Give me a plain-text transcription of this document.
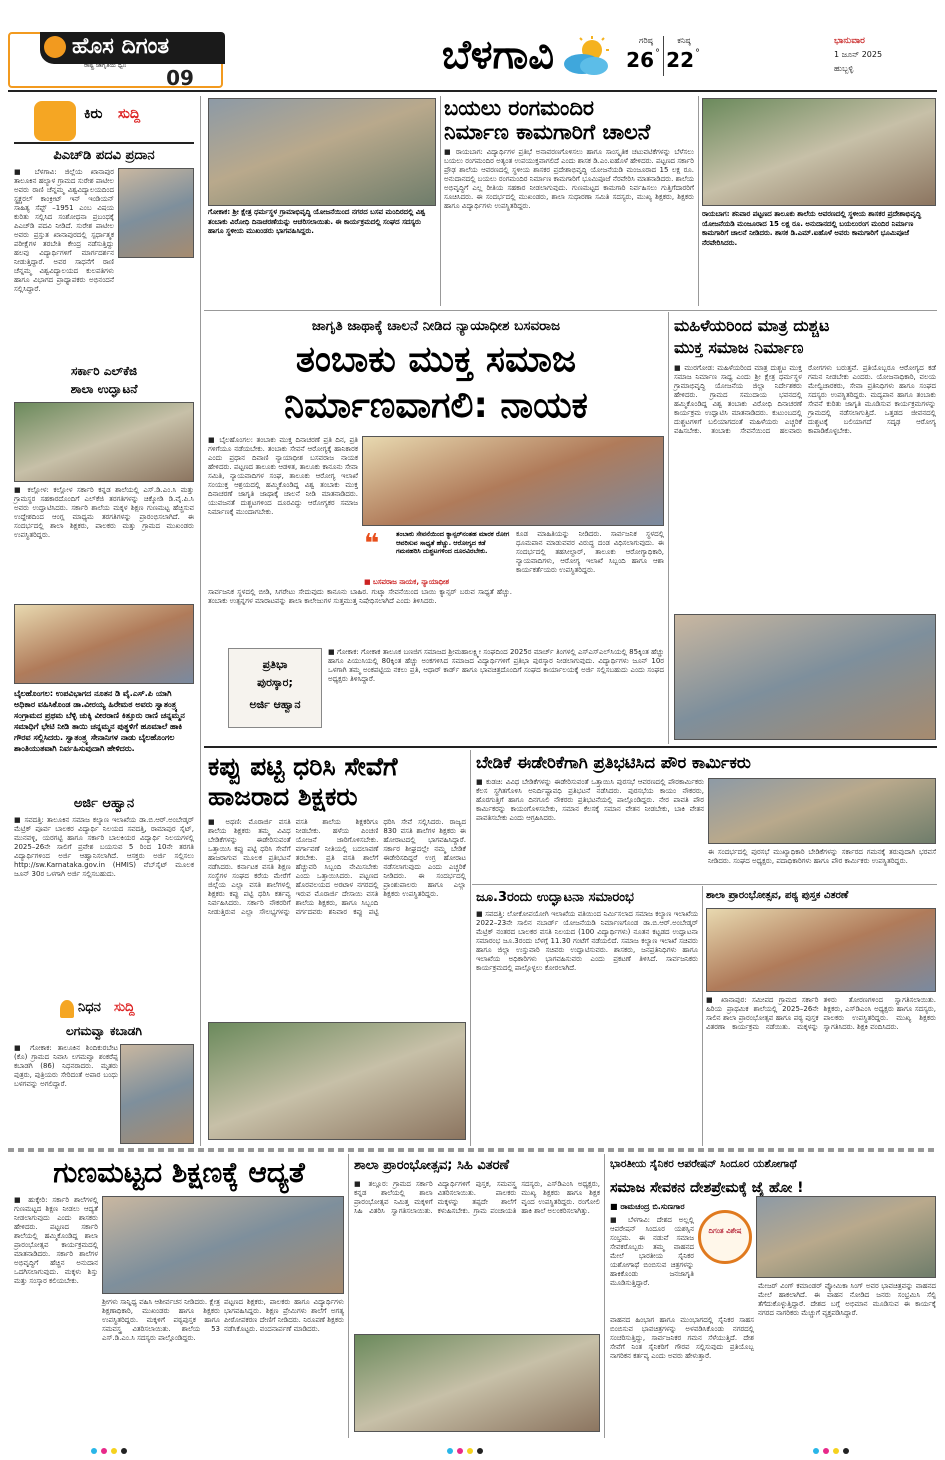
ಹೊಸ ದಿಗಂತ
ರಾಷ್ಟ್ರ ಜಾಗೃತಿಯ ಧ್ವನಿ
09	ಬೆಳಗಾವಿ	ಗರಿಷ್ಠ
26 °
ಕನಿಷ್ಠ
22 °
ಭಾನುವಾರ
1 ಜೂನ್ 2025
ಹುಬ್ಬಳ್ಳಿ
ಕಿರು	ಸುದ್ದಿ
ಪಿಎಚ್‌ಡಿ ಪದವಿ ಪ್ರದಾನ
■ ಬೆಳಗಾವಿ: ಜಿಲ್ಲೆಯ ಖಾನಾಪುರ ತಾಲೂಕಿನ ಹಲ್ಯಾಳ ಗ್ರಾಮದ ಸುರೇಶ ಪಾಟೀಲ ಅವರು ರಾಣಿ ಚೆನ್ನಮ್ಮ ವಿಶ್ವವಿದ್ಯಾಲಯದಿಂದ ಸ್ಟ್ರಕ್ಚರಲ್ ಕಾಂಕ್ರೀಟ್ ಇನ್ ಇಂಡಿಯನ್ ಸಾಹಿತ್ಯ ಸೆಪ್ಟ್ –1951 ಎಂಬ ವಿಷಯ ಕುರಿತು ಸಲ್ಲಿಸಿದ ಸಂಶೋಧನಾ ಪ್ರಬಂಧಕ್ಕೆ ಪಿಎಚ್‌ಡಿ ಪದವಿ ನೀಡಿದೆ. ಸುರೇಶ ಪಾಟೀಲ ಅವರು ಪ್ರಸ್ತುತ ಖಾನಾಪುರದಲ್ಲಿ ಸ್ಪರ್ಧಾತ್ಮಕ ಪರೀಕ್ಷೆಗಳ ತರಬೇತಿ ಕೇಂದ್ರ ನಡೆಸುತ್ತಿದ್ದು ಹಲವು ವಿದ್ಯಾರ್ಥಿಗಳಿಗೆ ಮಾರ್ಗದರ್ಶನ ನೀಡುತ್ತಿದ್ದಾರೆ. ಅವರ ಸಾಧನೆಗೆ ರಾಣಿ ಚೆನ್ನಮ್ಮ ವಿಶ್ವವಿದ್ಯಾಲಯದ ಕುಲಪತಿಗಳು ಹಾಗೂ ವಿಭಾಗದ ಪ್ರಾಧ್ಯಾಪಕರು ಅಭಿನಂದನೆ ಸಲ್ಲಿಸಿದ್ದಾರೆ.
ಸರ್ಕಾರಿ ಎಲ್‌ಕೆಜಿ
ಶಾಲಾ ಉದ್ಘಾಟನೆ
■ ಕಲ್ಲೋಳ: ಕಲ್ಲೋಳ ಸರ್ಕಾರಿ ಕನ್ನಡ ಶಾಲೆಯಲ್ಲಿ ಎಸ್.ಡಿ.ಎಂ.ಸಿ ಮತ್ತು ಗ್ರಾಮಸ್ಥರ ಸಹಕಾರದೊಂದಿಗೆ ಎಲ್‌ಕೆಜಿ ತರಗತಿಗಳನ್ನು ಚಿಕ್ಕೋಡಿ ಡಿ.ವೈ.ಪಿ.ಸಿ ಅವರು ಉದ್ಘಾಟಿಸಿದರು. ಸರ್ಕಾರಿ ಶಾಲೆಯ ಮಕ್ಕಳ ಶಿಕ್ಷಣ ಗುಣಮಟ್ಟ ಹೆಚ್ಚಿಸುವ ಉದ್ದೇಶದಿಂದ ಆಂಗ್ಲ ಮಾಧ್ಯಮ ತರಗತಿಗಳನ್ನು ಪ್ರಾರಂಭಿಸಲಾಗಿದೆ. ಈ ಸಂದರ್ಭದಲ್ಲಿ ಶಾಲಾ ಶಿಕ್ಷಕರು, ಪಾಲಕರು ಮತ್ತು ಗ್ರಾಮದ ಮುಖಂಡರು ಉಪಸ್ಥಿತರಿದ್ದರು.
ಬೈಲಹೊಂಗಲ: ಉಪವಿಭಾಗದ ನೂತನ ಡಿ ವೈ.ಎಸ್.ಪಿ ಯಾಗಿ ಅಧಿಕಾರ ವಹಿಸಿಕೊಂಡ ಡಾ.ವೀರಯ್ಯ ಹಿರೇಮಠ ಅವರು ಸ್ವಾತಂತ್ರ್ಯ ಸಂಗ್ರಾಮದ ಪ್ರಥಮ ಬೆಳ್ಳಿ ಚುಕ್ಕಿ ವೀರರಾಣಿ ಕಿತ್ತೂರು ರಾಣಿ ಚನ್ನಮ್ಮನ ಸಮಾಧಿಗೆ ಭೇಟಿ ನೀಡಿ ತಾಯಿ ಚನ್ನಮ್ಮನ ಪುತ್ಥಳಿಗೆ ಹೂಮಾಲೆ ಹಾಕಿ ಗೌರವ ಸಲ್ಲಿಸಿದರು. ಸ್ವಾತಂತ್ರ್ಯ ಸೇನಾನಿಗಳ ನಾಡು ಬೈಲಹೊಂಗಲ ಶಾಂತಿಯುತವಾಗಿ ನಿರ್ವಹಿಸುವುದಾಗಿ ಹೇಳಿದರು.
ಅರ್ಜಿ ಆಹ್ವಾನ
■ ಸವದತ್ತಿ: ತಾಲೂಕಿನ ಸಮಾಜ ಕಲ್ಯಾಣ ಇಲಾಖೆಯ ಡಾ.ಬಿ.ಆರ್.ಅಂಬೇಡ್ಕರ್ ಮೆಟ್ರಿಕ್ ಪೂರ್ವ ಬಾಲಕರ ವಿದ್ಯಾರ್ಥಿ ನಿಲಯದ ಸವದತ್ತಿ, ರಾಮಾಪುರ ಸೈಟ್, ಮುನವಳ್ಳಿ, ಯರಗಟ್ಟಿ ಹಾಗೂ ಸರ್ಕಾರಿ ಬಾಲಕಿಯರ ವಿದ್ಯಾರ್ಥಿ ನಿಲಯಗಳಲ್ಲಿ 2025–26ನೇ ಸಾಲಿಗೆ ಪ್ರವೇಶ ಬಯಸುವ 5 ರಿಂದ 10ನೇ ತರಗತಿ ವಿದ್ಯಾರ್ಥಿಗಳಿಂದ ಅರ್ಜಿ ಆಹ್ವಾನಿಸಲಾಗಿದೆ. ಆಸಕ್ತರು ಅರ್ಜಿ ಸಲ್ಲಿಸಲು http://sw.Karnataka.gov.in (HMIS) ವೆಬ್‌ಸೈಟ್ ಮೂಲಕ ಜೂನ್ 30ರ ಒಳಗಾಗಿ ಅರ್ಜಿ ಸಲ್ಲಿಸಬಹುದು.
ನಿಧನ	ಸುದ್ದಿ
ಲಗಮವ್ವಾ ಕಬಾಡಗಿ
■ ಗೋಕಾಕ: ತಾಲೂಕಿನ ಶಿಂದಿಕುರಬೇಟ (ಕೊ) ಗ್ರಾಮದ ನಿವಾಸಿ ಲಗಮವ್ವಾ ಶಂಕರೆಪ್ಪ ಕಬಾಡಗಿ (86) ನಿಧನರಾದರು. ಮೃತರು ಪುತ್ರರು, ಪುತ್ರಿಯರು ಸೇರಿದಂತೆ ಅಪಾರ ಬಂಧು ಬಳಗವನ್ನು ಅಗಲಿದ್ದಾರೆ.
ಗೋಕಾಕ: ಶ್ರೀ ಕ್ಷೇತ್ರ ಧರ್ಮಸ್ಥಳ ಗ್ರಾಮಾಭಿವೃದ್ಧಿ ಯೋಜನೆಯಿಂದ ನಗರದ ಬಸವ ಮಂದಿರದಲ್ಲಿ ವಿಶ್ವ ತಂಬಾಕು ವಿರೋಧಿ ದಿನಾಚರಣೆಯನ್ನು ಆಚರಿಸಲಾಯಿತು. ಈ ಕಾರ್ಯಕ್ರಮದಲ್ಲಿ ಸಂಘದ ಸದಸ್ಯರು ಹಾಗೂ ಸ್ಥಳೀಯ ಮುಖಂಡರು ಭಾಗವಹಿಸಿದ್ದರು.
ಬಯಲು ರಂಗಮಂದಿರ
ನಿರ್ಮಾಣ ಕಾಮಗಾರಿಗೆ ಚಾಲನೆ
■ ರಾಯಬಾಗ: ವಿದ್ಯಾರ್ಥಿಗಳ ಪ್ರತಿಭೆ ಅನಾವರಣಗೊಳಿಸಲು ಹಾಗೂ ಸಾಂಸ್ಕೃತಿಕ ಚಟುವಟಿಕೆಗಳನ್ನು ಬೆಳೆಸಲು ಬಯಲು ರಂಗಮಂದಿರ ಅತ್ಯಂತ ಉಪಯುಕ್ತವಾಗಲಿದೆ ಎಂದು ಶಾಸಕ ಡಿ.ಎಂ.ಐಹೊಳೆ ಹೇಳಿದರು. ಪಟ್ಟಣದ ಸರ್ಕಾರಿ ಪ್ರೌಢ ಶಾಲೆಯ ಆವರಣದಲ್ಲಿ ಸ್ಥಳೀಯ ಶಾಸಕರ ಪ್ರದೇಶಾಭಿವೃದ್ಧಿ ಯೋಜನೆಯಡಿ ಮಂಜೂರಾದ 15 ಲಕ್ಷ ರೂ. ಅನುದಾನದಲ್ಲಿ ಬಯಲು ರಂಗಮಂದಿರ ನಿರ್ಮಾಣ ಕಾಮಗಾರಿಗೆ ಭೂಮಿಪೂಜೆ ನೆರವೇರಿಸಿ ಮಾತನಾಡಿದರು. ಶಾಲೆಯ ಅಭಿವೃದ್ಧಿಗೆ ಎಲ್ಲ ರೀತಿಯ ಸಹಕಾರ ನೀಡಲಾಗುವುದು. ಗುಣಮಟ್ಟದ ಕಾಮಗಾರಿ ನಿರ್ವಹಿಸಲು ಗುತ್ತಿಗೆದಾರರಿಗೆ ಸೂಚಿಸಿದರು. ಈ ಸಂದರ್ಭದಲ್ಲಿ ಮುಖಂಡರು, ಶಾಲಾ ಸುಧಾರಣಾ ಸಮಿತಿ ಸದಸ್ಯರು, ಮುಖ್ಯ ಶಿಕ್ಷಕರು, ಶಿಕ್ಷಕರು ಹಾಗೂ ವಿದ್ಯಾರ್ಥಿಗಳು ಉಪಸ್ಥಿತರಿದ್ದರು.
ರಾಯಬಾಗ: ಶನಿವಾರ ಪಟ್ಟಣದ ತಾಲೂಕು ಶಾಲೆಯ ಆವರಣದಲ್ಲಿ ಸ್ಥಳೀಯ ಶಾಸಕರ ಪ್ರದೇಶಾಭಿವೃದ್ಧಿ ಯೋಜನೆಯಡಿ ಮಂಜೂರಾದ 15 ಲಕ್ಷ ರೂ. ಅನುದಾನದಲ್ಲಿ ಬಯಲುರಂಗ ಮಂದಿರ ನಿರ್ಮಾಣ ಕಾಮಗಾರಿಗೆ ಚಾಲನೆ ನೀಡಿದರು. ಶಾಸಕ ಡಿ.ಎಮ್.ಐಹೊಳೆ ಅವರು ಕಾಮಗಾರಿಗೆ ಭೂಮಿಪೂಜೆ ನೆರವೇರಿಸಿದರು.
ಜಾಗೃತಿ ಜಾಥಾಕ್ಕೆ ಚಾಲನೆ ನೀಡಿದ ನ್ಯಾಯಾಧೀಶ ಬಸವರಾಜ
ತಂಬಾಕು ಮುಕ್ತ ಸಮಾಜ
ನಿರ್ಮಾಣವಾಗಲಿ: ನಾಯಕ
■ ಬೈಲಹೊಂಗಲ: ತಂಬಾಕು ಮುಕ್ತ ದಿನಾಚರಣೆ ಪ್ರತಿ ದಿನ, ಪ್ರತಿ ಗಳಿಗೆಯೂ ನಡೆಯಬೇಕು. ತಂಬಾಕು ಸೇವನೆ ಆರೋಗ್ಯಕ್ಕೆ ಹಾನಿಕಾರಕ ಎಂದು ಪ್ರಧಾನ ದಿವಾಣಿ ನ್ಯಾಯಾಧೀಶ ಬಸವರಾಜ ನಾಯಕ ಹೇಳಿದರು. ಪಟ್ಟಣದ ತಾಲೂಕು ಆಡಳಿತ, ತಾಲೂಕು ಕಾನೂನು ಸೇವಾ ಸಮಿತಿ, ನ್ಯಾಯವಾದಿಗಳ ಸಂಘ, ತಾಲೂಕು ಆರೋಗ್ಯ ಇಲಾಖೆ ಸಂಯುಕ್ತ ಆಶ್ರಯದಲ್ಲಿ ಹಮ್ಮಿಕೊಂಡಿದ್ದ ವಿಶ್ವ ತಂಬಾಕು ಮುಕ್ತ ದಿನಾಚರಣೆ ಜಾಗೃತಿ ಜಾಥಾಕ್ಕೆ ಚಾಲನೆ ನೀಡಿ ಮಾತನಾಡಿದರು. ಯುವಜನತೆ ದುಶ್ಚಟಗಳಿಂದ ದೂರವಿದ್ದು ಆರೋಗ್ಯಕರ ಸಮಾಜ ನಿರ್ಮಾಣಕ್ಕೆ ಮುಂದಾಗಬೇಕು.
❝	ತಂಬಾಕು ಸೇವನೆಯಿಂದ ಕ್ಯಾನ್ಸರ್‌ನಂತಹ ಮಾರಕ ರೋಗ ಆವರಿಸುವ ಸಾಧ್ಯತೆ ಹೆಚ್ಚು. ಆರೋಗ್ಯದ ಕಡೆ ಗಮನಹರಿಸಿ ದುಶ್ಚಟಗಳಿಂದ ದೂರವಿರಬೇಕು.
■ ಬಸವರಾಜ ನಾಯಕ, ನ್ಯಾಯಾಧೀಶ
ಕೂಡ ಮಾಹಿತಿಯನ್ನು ನೀಡಿದರು. ಸಾರ್ವಜನಿಕ ಸ್ಥಳದಲ್ಲಿ ಧೂಮಪಾನ ಮಾಡುವವರ ವಿರುದ್ಧ ದಂಡ ವಿಧಿಸಲಾಗುವುದು. ಈ ಸಂದರ್ಭದಲ್ಲಿ ತಹಸೀಲ್ದಾರ್, ತಾಲೂಕು ಆರೋಗ್ಯಾಧಿಕಾರಿ, ನ್ಯಾಯವಾದಿಗಳು, ಆರೋಗ್ಯ ಇಲಾಖೆ ಸಿಬ್ಬಂದಿ ಹಾಗೂ ಆಶಾ ಕಾರ್ಯಕರ್ತೆಯರು ಉಪಸ್ಥಿತರಿದ್ದರು.
ಸಾರ್ವಜನಿಕ ಸ್ಥಳದಲ್ಲಿ ಬೀಡಿ, ಸಿಗರೇಟು ಸೇದುವುದು ಕಾನೂನು ಬಾಹಿರ. ಗುಟ್ಕಾ ಸೇವನೆಯಿಂದ ಬಾಯಿ ಕ್ಯಾನ್ಸರ್ ಬರುವ ಸಾಧ್ಯತೆ ಹೆಚ್ಚು. ತಂಬಾಕು ಉತ್ಪನ್ನಗಳ ಮಾರಾಟವನ್ನು ಶಾಲಾ ಕಾಲೇಜುಗಳ ಸುತ್ತಮುತ್ತ ನಿಷೇಧಿಸಲಾಗಿದೆ ಎಂದು ತಿಳಿಸಿದರು.
ಮಹಿಳೆಯರಿಂದ ಮಾತ್ರ ದುಶ್ಚಟ
ಮುಕ್ತ ಸಮಾಜ ನಿರ್ಮಾಣ
■ ಮುರಗೋಡ: ಮಹಿಳೆಯರಿಂದ ಮಾತ್ರ ದುಶ್ಚಟ ಮುಕ್ತ ಸಮಾಜ ನಿರ್ಮಾಣ ಸಾಧ್ಯ ಎಂದು ಶ್ರೀ ಕ್ಷೇತ್ರ ಧರ್ಮಸ್ಥಳ ಗ್ರಾಮಾಭಿವೃದ್ಧಿ ಯೋಜನೆಯ ಜಿಲ್ಲಾ ನಿರ್ದೇಶಕರು ಹೇಳಿದರು. ಗ್ರಾಮದ ಸಮುದಾಯ ಭವನದಲ್ಲಿ ಹಮ್ಮಿಕೊಂಡಿದ್ದ ವಿಶ್ವ ತಂಬಾಕು ವಿರೋಧಿ ದಿನಾಚರಣೆ ಕಾರ್ಯಕ್ರಮ ಉದ್ಘಾಟಿಸಿ ಮಾತನಾಡಿದರು. ಕುಟುಂಬದಲ್ಲಿ ದುಶ್ಚಟಗಳಿಗೆ ಬಲಿಯಾಗದಂತೆ ಮಹಿಳೆಯರು ಎಚ್ಚರಿಕೆ ವಹಿಸಬೇಕು. ತಂಬಾಕು ಸೇವನೆಯಿಂದ ಹಲವಾರು ರೋಗಗಳು ಬರುತ್ತವೆ. ಪ್ರತಿಯೊಬ್ಬರೂ ಆರೋಗ್ಯದ ಕಡೆ ಗಮನ ನೀಡಬೇಕು ಎಂದರು. ಯೋಜನಾಧಿಕಾರಿ, ವಲಯ ಮೇಲ್ವಿಚಾರಕರು, ಸೇವಾ ಪ್ರತಿನಿಧಿಗಳು ಹಾಗೂ ಸಂಘದ ಸದಸ್ಯರು ಉಪಸ್ಥಿತರಿದ್ದರು. ಮದ್ಯಪಾನ ಹಾಗೂ ತಂಬಾಕು ಸೇವನೆ ಕುರಿತು ಜಾಗೃತಿ ಮೂಡಿಸುವ ಕಾರ್ಯಕ್ರಮಗಳನ್ನು ಗ್ರಾಮದಲ್ಲಿ ನಡೆಸಲಾಗುತ್ತಿದೆ. ಒತ್ತಡದ ಜೀವನದಲ್ಲಿ ದುಶ್ಚಟಕ್ಕೆ ಬಲಿಯಾಗದೆ ಸದೃಢ ಆರೋಗ್ಯ ಕಾಪಾಡಿಕೊಳ್ಳಬೇಕು.
ಪ್ರತಿಭಾ
ಪುರಸ್ಕಾರ;
ಅರ್ಜಿ ಆಹ್ವಾನ
■ ಗೋಕಾಕ: ಗೋಕಾಕ ತಾಲೂಕ ಬಣಜಿಗ ಸಮಾಜದ ಶ್ರೀಮಹಾಲಕ್ಷ್ಮೀ ಸಂಘದಿಂದ 2025ರ ಮಾರ್ಚ್ ತಿಂಗಳಲ್ಲಿ ಎಸ್ಎಸ್ಎಲ್‌ಸಿಯಲ್ಲಿ 85ಕ್ಕಿಂತ ಹೆಚ್ಚು ಹಾಗೂ ಪಿಯುಸಿಯಲ್ಲಿ 80ಕ್ಕಿಂತ ಹೆಚ್ಚು ಅಂಕಗಳಿಸಿದ ಸಮಾಜದ ವಿದ್ಯಾರ್ಥಿಗಳಿಗೆ ಪ್ರತಿಭಾ ಪುರಸ್ಕಾರ ನೀಡಲಾಗುವುದು. ವಿದ್ಯಾರ್ಥಿಗಳು ಜೂನ್ 10ರ ಒಳಗಾಗಿ ತಮ್ಮ ಅಂಕಪಟ್ಟಿಯ ನಕಲು ಪ್ರತಿ, ಆಧಾರ್ ಕಾರ್ಡ್ ಹಾಗೂ ಭಾವಚಿತ್ರದೊಂದಿಗೆ ಸಂಘದ ಕಾರ್ಯಾಲಯಕ್ಕೆ ಅರ್ಜಿ ಸಲ್ಲಿಸಬಹುದು ಎಂದು ಸಂಘದ ಅಧ್ಯಕ್ಷರು ತಿಳಿಸಿದ್ದಾರೆ.
ಕಪ್ಪು ಪಟ್ಟಿ ಧರಿಸಿ ಸೇವೆಗೆ
ಹಾಜರಾದ ಶಿಕ್ಷಕರು
■ ಅಥಣಿ: ಮೊರಾರ್ಜಿ ವಸತಿ ಶಾಲೆಯ ಶಿಕ್ಷಕರು ತಮ್ಮ ವಿವಿಧ ಬೇಡಿಕೆಗಳನ್ನು ಈಡೇರಿಸುವಂತೆ ಒತ್ತಾಯಿಸಿ ಕಪ್ಪು ಪಟ್ಟಿ ಧರಿಸಿ ಸೇವೆಗೆ ಹಾಜರಾಗುವ ಮೂಲಕ ಪ್ರತಿಭಟನೆ ನಡೆಸಿದರು. ಕರ್ನಾಟಕ ವಸತಿ ಶಿಕ್ಷಣ ಸಂಸ್ಥೆಗಳ ಸಂಘದ ಕರೆಯ ಮೇರೆಗೆ ಜಿಲ್ಲೆಯ ಎಲ್ಲಾ ವಸತಿ ಶಾಲೆಗಳಲ್ಲಿ ಶಿಕ್ಷಕರು ಕಪ್ಪು ಪಟ್ಟಿ ಧರಿಸಿ ಕರ್ತವ್ಯ ನಿರ್ವಹಿಸಿದರು. ಸರ್ಕಾರಿ ನೌಕರರಿಗೆ ನೀಡುತ್ತಿರುವ ಎಲ್ಲಾ ಸೌಲಭ್ಯಗಳನ್ನು ವಸತಿ ಶಾಲೆಯ ಶಿಕ್ಷಕರಿಗೂ ನೀಡಬೇಕು. ಹಳೆಯ ಪಿಂಚಣಿ ಯೋಜನೆ ಜಾರಿಗೊಳಿಸಬೇಕು. ವರ್ಗಾವಣೆ ನೀತಿಯಲ್ಲಿ ಬದಲಾವಣೆ ತರಬೇಕು. ಪ್ರತಿ ವಸತಿ ಶಾಲೆಗೆ ಹೆಚ್ಚುವರಿ ಸಿಬ್ಬಂದಿ ನೇಮಿಸಬೇಕು ಎಂದು ಒತ್ತಾಯಿಸಿದರು. ಪಟ್ಟಣದ ಹೊರವಲಯದ ಅರಟಾಳ ನಗರದಲ್ಲಿ ಇರುವ ಮೊರಾರ್ಜಿ ದೇಸಾಯಿ ವಸತಿ ಶಾಲೆಯ ಶಿಕ್ಷಕರು, ಹಾಗೂ ಸಿಬ್ಬಂದಿ ವರ್ಗದವರು ಶನಿವಾರ ಕಪ್ಪು ಪಟ್ಟಿ ಧರಿಸಿ ಸೇವೆ ಸಲ್ಲಿಸಿದರು. ರಾಜ್ಯದ 830 ವಸತಿ ಶಾಲೆಗಳ ಶಿಕ್ಷಕರು ಈ ಹೋರಾಟದಲ್ಲಿ ಭಾಗವಹಿಸಿದ್ದಾರೆ. ಸರ್ಕಾರ ಶೀಘ್ರದಲ್ಲೇ ನಮ್ಮ ಬೇಡಿಕೆ ಈಡೇರಿಸದಿದ್ದರೆ ಉಗ್ರ ಹೋರಾಟ ನಡೆಸಲಾಗುವುದು ಎಂದು ಎಚ್ಚರಿಕೆ ನೀಡಿದರು. ಈ ಸಂದರ್ಭದಲ್ಲಿ ಪ್ರಾಂಶುಪಾಲರು ಹಾಗೂ ಎಲ್ಲಾ ಶಿಕ್ಷಕರು ಉಪಸ್ಥಿತರಿದ್ದರು.
ಬೇಡಿಕೆ ಈಡೇರಿಕೆಗಾಗಿ ಪ್ರತಿಭಟಿಸಿದ ಪೌರ ಕಾರ್ಮಿಕರು
■ ಕುಡಚಿ: ವಿವಿಧ ಬೇಡಿಕೆಗಳನ್ನು ಈಡೇರಿಸುವಂತೆ ಒತ್ತಾಯಿಸಿ ಪುರಸಭೆ ಆವರಣದಲ್ಲಿ ಪೌರಕಾರ್ಮಿಕರು ಕೆಲಸ ಸ್ಥಗಿತಗೊಳಿಸಿ ಅನಿರ್ದಿಷ್ಟಾವಧಿ ಪ್ರತಿಭಟನೆ ನಡೆಸಿದರು. ಪುರಸಭೆಯ ಕಾಯಂ ನೌಕರರು, ಹೊರಗುತ್ತಿಗೆ ಹಾಗೂ ದಿನಗೂಲಿ ನೌಕರರು ಪ್ರತಿಭಟನೆಯಲ್ಲಿ ಪಾಲ್ಗೊಂಡಿದ್ದರು. ನೇರ ಪಾವತಿ ಪೌರ ಕಾರ್ಮಿಕರನ್ನು ಕಾಯಂಗೊಳಿಸಬೇಕು, ಸಮಾನ ಕೆಲಸಕ್ಕೆ ಸಮಾನ ವೇತನ ನೀಡಬೇಕು, ಬಾಕಿ ವೇತನ ಪಾವತಿಸಬೇಕು ಎಂದು ಆಗ್ರಹಿಸಿದರು.
ಈ ಸಂದರ್ಭದಲ್ಲಿ ಪುರಸಭೆ ಮುಖ್ಯಾಧಿಕಾರಿ ಬೇಡಿಕೆಗಳನ್ನು ಸರ್ಕಾರದ ಗಮನಕ್ಕೆ ತರುವುದಾಗಿ ಭರವಸೆ ನೀಡಿದರು. ಸಂಘದ ಅಧ್ಯಕ್ಷರು, ಪದಾಧಿಕಾರಿಗಳು ಹಾಗೂ ಪೌರ ಕಾರ್ಮಿಕರು ಉಪಸ್ಥಿತರಿದ್ದರು.
ಜೂ.3ರಂದು ಉದ್ಘಾಟನಾ ಸಮಾರಂಭ
■ ಸವದತ್ತಿ: ಲೋಕೋಪಯೋಗಿ ಇಲಾಖೆಯ ವತಿಯಿಂದ ನಿರ್ಮಿಸಲಾದ ಸಮಾಜ ಕಲ್ಯಾಣ ಇಲಾಖೆಯ 2022–23ನೇ ಸಾಲಿನ ನಬಾರ್ಡ್ ಯೋಜನೆಯಡಿ ನಿರ್ಮಾಣಗೊಂಡ ಡಾ.ಬಿ.ಆರ್.ಅಂಬೇಡ್ಕರ್ ಮೆಟ್ರಿಕ್ ನಂತರದ ಬಾಲಕರ ವಸತಿ ನಿಲಯದ (100 ವಿದ್ಯಾರ್ಥಿಗಳು) ನೂತನ ಕಟ್ಟಡದ ಉದ್ಘಾಟನಾ ಸಮಾರಂಭ ಜೂ.3ರಂದು ಬೆಳಗ್ಗೆ 11.30 ಗಂಟೆಗೆ ನಡೆಯಲಿದೆ. ಸಮಾಜ ಕಲ್ಯಾಣ ಇಲಾಖೆ ಸಚಿವರು ಹಾಗೂ ಜಿಲ್ಲಾ ಉಸ್ತುವಾರಿ ಸಚಿವರು ಉದ್ಘಾಟಿಸುವರು. ಶಾಸಕರು, ಜನಪ್ರತಿನಿಧಿಗಳು ಹಾಗೂ ಇಲಾಖೆಯ ಅಧಿಕಾರಿಗಳು ಭಾಗವಹಿಸುವರು ಎಂದು ಪ್ರಕಟಣೆ ತಿಳಿಸಿದೆ. ಸಾರ್ವಜನಿಕರು ಕಾರ್ಯಕ್ರಮದಲ್ಲಿ ಪಾಲ್ಗೊಳ್ಳಲು ಕೋರಲಾಗಿದೆ.
ಶಾಲಾ ಪ್ರಾರಂಭೋತ್ಸವ, ಪಠ್ಯ ಪುಸ್ತಕ ವಿತರಣೆ
■ ಖಾನಾಪುರ: ಸಮೀಪದ ಗ್ರಾಮದ ಸರ್ಕಾರಿ ಹಿರಿಯ ಪ್ರಾಥಮಿಕ ಶಾಲೆಯಲ್ಲಿ 2025–26ನೇ ಸಾಲಿನ ಶಾಲಾ ಪ್ರಾರಂಭೋತ್ಸವ ಹಾಗೂ ಪಠ್ಯ ಪುಸ್ತಕ ವಿತರಣಾ ಕಾರ್ಯಕ್ರಮ ನಡೆಯಿತು. ಮಕ್ಕಳನ್ನು ತಳಿರು ತೋರಣಗಳಿಂದ ಸ್ವಾಗತಿಸಲಾಯಿತು. ಶಿಕ್ಷಕರು, ಎಸ್‌ಡಿಎಂಸಿ ಅಧ್ಯಕ್ಷರು ಹಾಗೂ ಸದಸ್ಯರು, ಪಾಲಕರು ಉಪಸ್ಥಿತರಿದ್ದರು. ಮುಖ್ಯ ಶಿಕ್ಷಕರು ಸ್ವಾಗತಿಸಿದರು. ಶಿಕ್ಷಕಿ ವಂದಿಸಿದರು.
ಗುಣಮಟ್ಟದ ಶಿಕ್ಷಣಕ್ಕೆ ಆದ್ಯತೆ
■ ಹುಕ್ಕೇರಿ: ಸರ್ಕಾರಿ ಶಾಲೆಗಳಲ್ಲಿ ಗುಣಮಟ್ಟದ ಶಿಕ್ಷಣ ನೀಡಲು ಆದ್ಯತೆ ನೀಡಲಾಗುವುದು ಎಂದು ಶಾಸಕರು ಹೇಳಿದರು. ಪಟ್ಟಣದ ಸರ್ಕಾರಿ ಶಾಲೆಯಲ್ಲಿ ಹಮ್ಮಿಕೊಂಡಿದ್ದ ಶಾಲಾ ಪ್ರಾರಂಭೋತ್ಸವ ಕಾರ್ಯಕ್ರಮದಲ್ಲಿ ಮಾತನಾಡಿದರು. ಸರ್ಕಾರಿ ಶಾಲೆಗಳ ಅಭಿವೃದ್ಧಿಗೆ ಹೆಚ್ಚಿನ ಅನುದಾನ ಒದಗಿಸಲಾಗುವುದು. ಮಕ್ಕಳು ಶಿಸ್ತು ಮತ್ತು ಸಂಸ್ಕಾರ ಕಲಿಯಬೇಕು.
ಶ್ರೀಗಳು ಸಾನ್ನಿಧ್ಯ ವಹಿಸಿ ಆಶೀರ್ವಚನ ನೀಡಿದರು. ಕ್ಷೇತ್ರ ಶಿಕ್ಷಣಾಧಿಕಾರಿ, ಮುಖಂಡರು ಹಾಗೂ ಶಿಕ್ಷಕರು ಉಪಸ್ಥಿತರಿದ್ದರು. ಮಕ್ಕಳಿಗೆ ಪಠ್ಯಪುಸ್ತಕ ಹಾಗೂ ಸಮವಸ್ತ್ರ ವಿತರಿಸಲಾಯಿತು. ಶಾಲೆಯ 53 ಎಸ್.ಡಿ.ಎಂ.ಸಿ ಸದಸ್ಯರು ಪಾಲ್ಗೊಂಡಿದ್ದರು.
ಪಟ್ಟಣದ ಶಿಕ್ಷಕರು, ಪಾಲಕರು ಹಾಗೂ ವಿದ್ಯಾರ್ಥಿಗಳು ಭಾಗವಹಿಸಿದ್ದರು. ಶಿಕ್ಷಣ ಪ್ರೇಮಿಗಳು ಶಾಲೆಗೆ ಅಗತ್ಯ ಪೀಠೋಪಕರಣ ದೇಣಿಗೆ ನೀಡಿದರು. ನಿರೂಪಣೆ ಶಿಕ್ಷಕರು ನಡೆಸಿಕೊಟ್ಟರು. ವಂದನಾರ್ಪಣೆ ಮಾಡಿದರು.
ಶಾಲಾ ಪ್ರಾರಂಭೋತ್ಸವ; ಸಿಹಿ ವಿತರಣೆ
■ ತಲ್ಲೂರ: ಗ್ರಾಮದ ಸರ್ಕಾರಿ ಕನ್ನಡ ಶಾಲೆಯಲ್ಲಿ ಶಾಲಾ ಪ್ರಾರಂಭೋತ್ಸವ ನಿಮಿತ್ತ ಮಕ್ಕಳಿಗೆ ಸಿಹಿ ವಿತರಿಸಿ ಸ್ವಾಗತಿಸಲಾಯಿತು. ವಿದ್ಯಾರ್ಥಿಗಳಿಗೆ ಪುಸ್ತಕ, ಸಮವಸ್ತ್ರ ವಿತರಿಸಲಾಯಿತು. ಪಾಲಕರು ಮಕ್ಕಳನ್ನು ತಪ್ಪದೇ ಶಾಲೆಗೆ ಕಳುಹಿಸಬೇಕು. ಗ್ರಾಮ ಪಂಚಾಯತಿ ಸದಸ್ಯರು, ಎಸ್‌ಡಿಎಂಸಿ ಅಧ್ಯಕ್ಷರು, ಮುಖ್ಯ ಶಿಕ್ಷಕರು ಹಾಗೂ ಶಿಕ್ಷಕ ವೃಂದ ಉಪಸ್ಥಿತರಿದ್ದರು. ರಂಗೋಲಿ ಹಾಕಿ ಶಾಲೆ ಅಲಂಕರಿಸಲಾಗಿತ್ತು.
ಭಾರತೀಯ ಸೈನಿಕರ ಆಪರೇಷನ್ ಸಿಂದೂರ ಯಶೋಗಾಥೆ
ಸಮಾಜ ಸೇವಕನ ದೇಶಪ್ರೇಮಕ್ಕೆ ಜೈ ಹೋ !
■ ರಾಮಚಂದ್ರ ಬಿ.ಸುಣಗಾರ
■ ಬೆಳಗಾವಿ: ದೇಶದ ಅಲ್ಲಲ್ಲಿ ಆಪರೇಷನ್ ಸಿಂದೂರ ಯಶಸ್ಸಿನ ಸಂಭ್ರಮ. ಈ ನಡುವೆ ಸಮಾಜ ಸೇವಕರೊಬ್ಬರು ತಮ್ಮ ವಾಹನದ ಮೇಲೆ ಭಾರತೀಯ ಸೈನಿಕರ ಯಶೋಗಾಥೆ ಬಿಂಬಿಸುವ ಚಿತ್ರಗಳನ್ನು ಹಾಕಿಕೊಂಡು ಜನಜಾಗೃತಿ ಮೂಡಿಸುತ್ತಿದ್ದಾರೆ.
ದಿಗಂತ ವಿಶೇಷ
ವಾಹನದ ಹಿಂಭಾಗ ಹಾಗೂ ಮುಂಭಾಗದಲ್ಲಿ ಸೈನಿಕರ ಸಾಹಸ ಬಿಂಬಿಸುವ ಭಾವಚಿತ್ರಗಳನ್ನು ಅಳವಡಿಸಿಕೊಂಡು ನಗರದಲ್ಲಿ ಸಂಚರಿಸುತ್ತಿದ್ದು, ಸಾರ್ವಜನಿಕರ ಗಮನ ಸೆಳೆಯುತ್ತಿದೆ. ದೇಶ ಸೇವೆಗೆ ನಿಂತ ಸೈನಿಕರಿಗೆ ಗೌರವ ಸಲ್ಲಿಸುವುದು ಪ್ರತಿಯೊಬ್ಬ ನಾಗರಿಕನ ಕರ್ತವ್ಯ ಎಂದು ಅವರು ಹೇಳುತ್ತಾರೆ.
ಮೇಜರ್ ವಿಂಗ್ ಕಮಾಂಡರ್ ವ್ಯೋಮಿಕಾ ಸಿಂಗ್ ಅವರ ಭಾವಚಿತ್ರವನ್ನು ವಾಹನದ ಮೇಲೆ ಹಾಕಲಾಗಿದೆ. ಈ ವಾಹನ ನೋಡಿದ ಜನರು ಸಂಭ್ರಮಿಸಿ ಸೆಲ್ಫಿ ತೆಗೆದುಕೊಳ್ಳುತ್ತಿದ್ದಾರೆ. ದೇಶದ ಬಗ್ಗೆ ಅಭಿಮಾನ ಮೂಡಿಸುವ ಈ ಕಾರ್ಯಕ್ಕೆ ನಗರದ ನಾಗರಿಕರು ಮೆಚ್ಚುಗೆ ವ್ಯಕ್ತಪಡಿಸಿದ್ದಾರೆ.
